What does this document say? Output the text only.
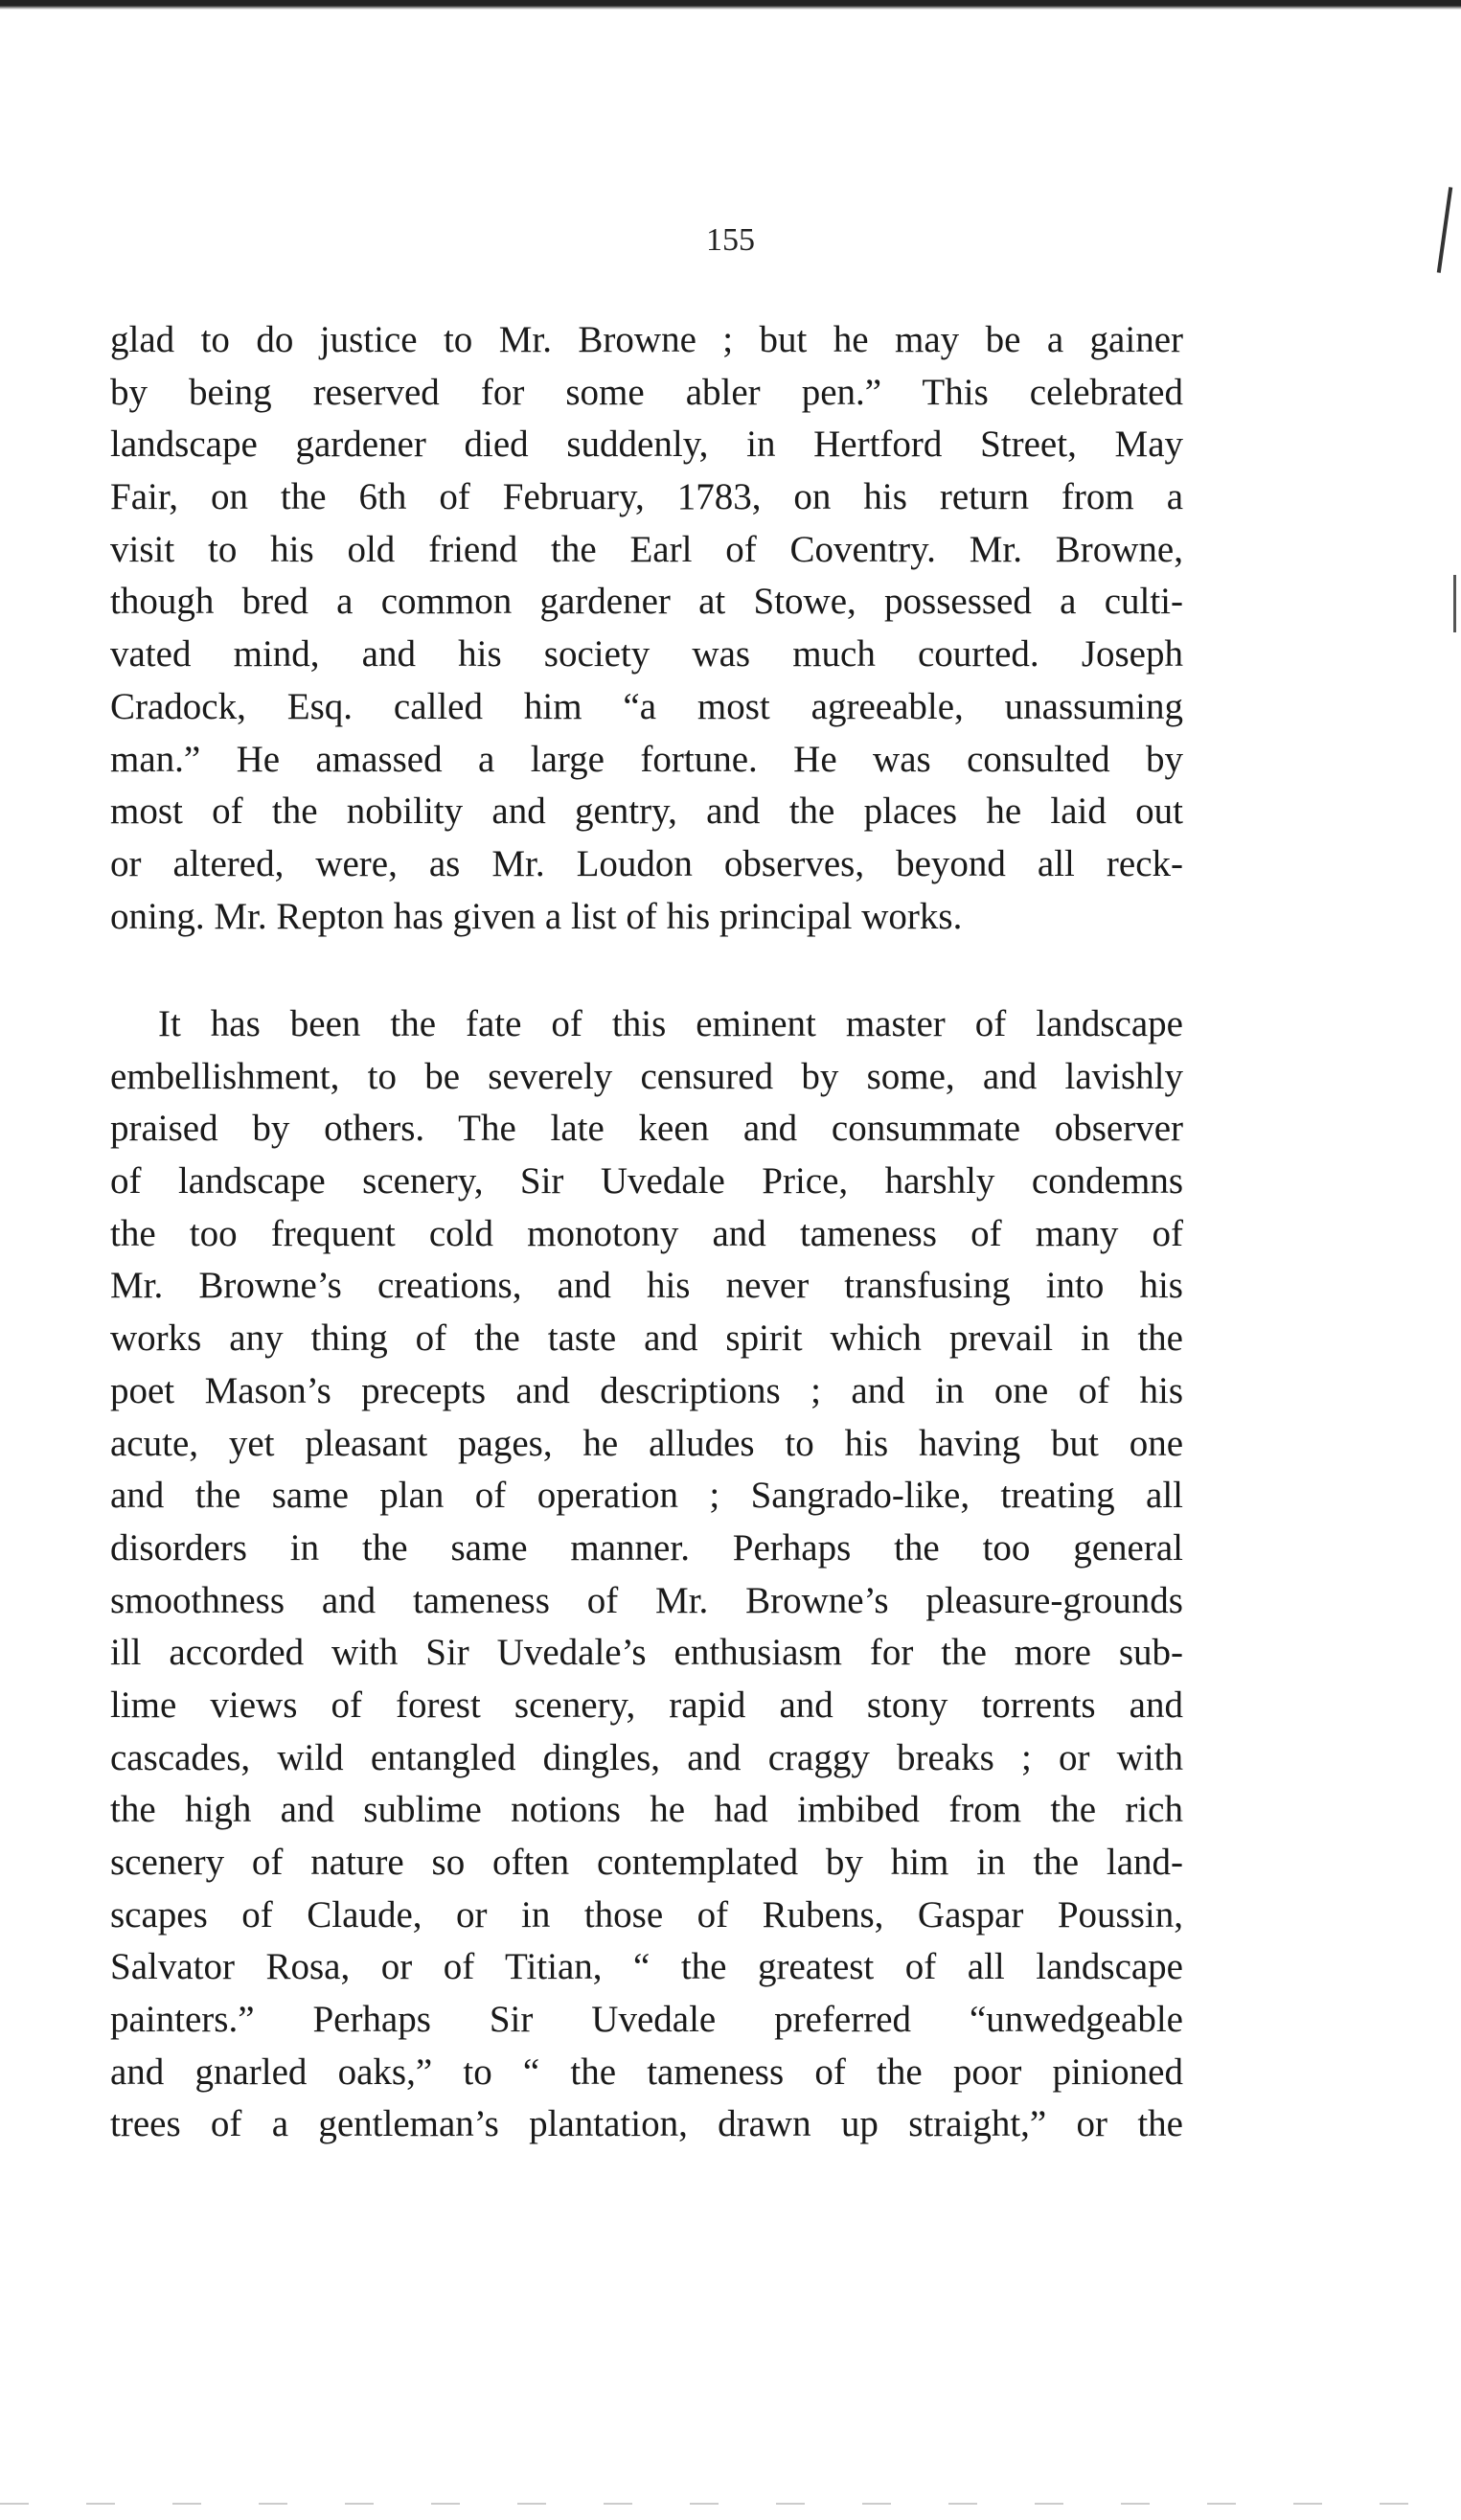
155
glad to do justice to Mr. Browne ; but he may be a gainer
by being reserved for some abler pen.” This celebrated
landscape gardener died suddenly, in Hertford Street, May
Fair, on the 6th of February, 1783, on his return from a
visit to his old friend the Earl of Coventry. Mr. Browne,
though bred a common gardener at Stowe, possessed a culti-
vated mind, and his society was much courted. Joseph
Cradock, Esq. called him “a most agreeable, unassuming
man.” He amassed a large fortune. He was consulted by
most of the nobility and gentry, and the places he laid out
or altered, were, as Mr. Loudon observes, beyond all reck-
oning. Mr. Repton has given a list of his principal works.
It has been the fate of this eminent master of landscape
embellishment, to be severely censured by some, and lavishly
praised by others. The late keen and consummate observer
of landscape scenery, Sir Uvedale Price, harshly condemns
the too frequent cold monotony and tameness of many of
Mr. Browne’s creations, and his never transfusing into his
works any thing of the taste and spirit which prevail in the
poet Mason’s precepts and descriptions ; and in one of his
acute, yet pleasant pages, he alludes to his having but one
and the same plan of operation ; Sangrado-like, treating all
disorders in the same manner. Perhaps the too general
smoothness and tameness of Mr. Browne’s pleasure-grounds
ill accorded with Sir Uvedale’s enthusiasm for the more sub-
lime views of forest scenery, rapid and stony torrents and
cascades, wild entangled dingles, and craggy breaks ; or with
the high and sublime notions he had imbibed from the rich
scenery of nature so often contemplated by him in the land-
scapes of Claude, or in those of Rubens, Gaspar Poussin,
Salvator Rosa, or of Titian, “ the greatest of all landscape
painters.” Perhaps Sir Uvedale preferred “unwedgeable
and gnarled oaks,” to “ the tameness of the poor pinioned
trees of a gentleman’s plantation, drawn up straight,” or the
